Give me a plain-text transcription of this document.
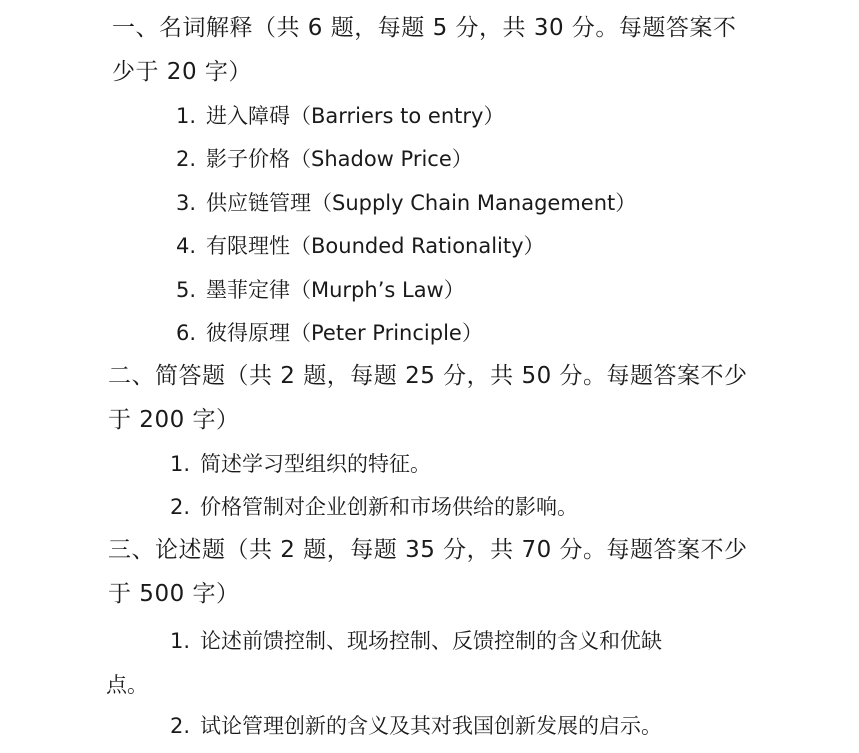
一、名词解释（共 6 题，每题 5 分，共 30 分。每题答案不
少于 20 字）
1. 进入障碍（Barriers to entry）
2. 影子价格（Shadow Price）
3. 供应链管理（Supply Chain Management）
4. 有限理性（Bounded Rationality）
5. 墨菲定律（Murph’s Law）
6. 彼得原理（Peter Principle）
二、简答题（共 2 题，每题 25 分，共 50 分。每题答案不少
于 200 字）
1. 简述学习型组织的特征。
2. 价格管制对企业创新和市场供给的影响。
三、论述题（共 2 题，每题 35 分，共 70 分。每题答案不少
于 500 字）
1. 论述前馈控制、现场控制、反馈控制的含义和优缺
点。
2. 试论管理创新的含义及其对我国创新发展的启示。
